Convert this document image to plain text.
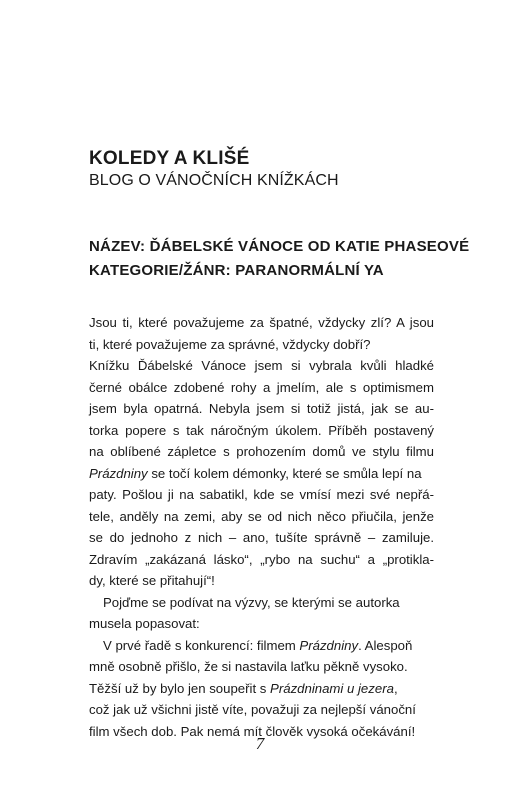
KOLEDY A KLIŠÉ
BLOG O VÁNOČNÍCH KNÍŽKÁCH
NÁZEV: ĎÁBELSKÉ VÁNOCE OD KATIE PHASEOVÉ
KATEGORIE/ŽÁNR: PARANORMÁLNÍ YA
Jsou ti, které považujeme za špatné, vždycky zlí? A jsou
ti, které považujeme za správné, vždycky dobří?
Knížku Ďábelské Vánoce jsem si vybrala kvůli hladké
černé obálce zdobené rohy a jmelím, ale s optimismem
jsem byla opatrná. Nebyla jsem si totiž jistá, jak se au-
torka popere s tak náročným úkolem. Příběh postavený
na oblíbené zápletce s prohozením domů ve stylu filmu
Prázdniny se točí kolem démonky, které se smůla lepí na
paty. Pošlou ji na sabatikl, kde se vmísí mezi své nepřá-
tele, anděly na zemi, aby se od nich něco přiučila, jenže
se do jednoho z nich – ano, tušíte správně – zamiluje.
Zdravím „zakázaná lásko“, „rybo na suchu“ a „protiklа-
dy, které se přitahují“!
Pojďme se podívat na výzvy, se kterými se autorka
musela popasovat:
V prvé řadě s konkurencí: filmem Prázdniny. Alespoň
mně osobně přišlo, že si nastavila laťku pěkně vysoko.
Těžší už by bylo jen soupeřit s Prázdninami u jezera,
což jak už všichni jistě víte, považuji za nejlepší vánoční
film všech dob. Pak nemá mít člověk vysoká očekávání!
7
